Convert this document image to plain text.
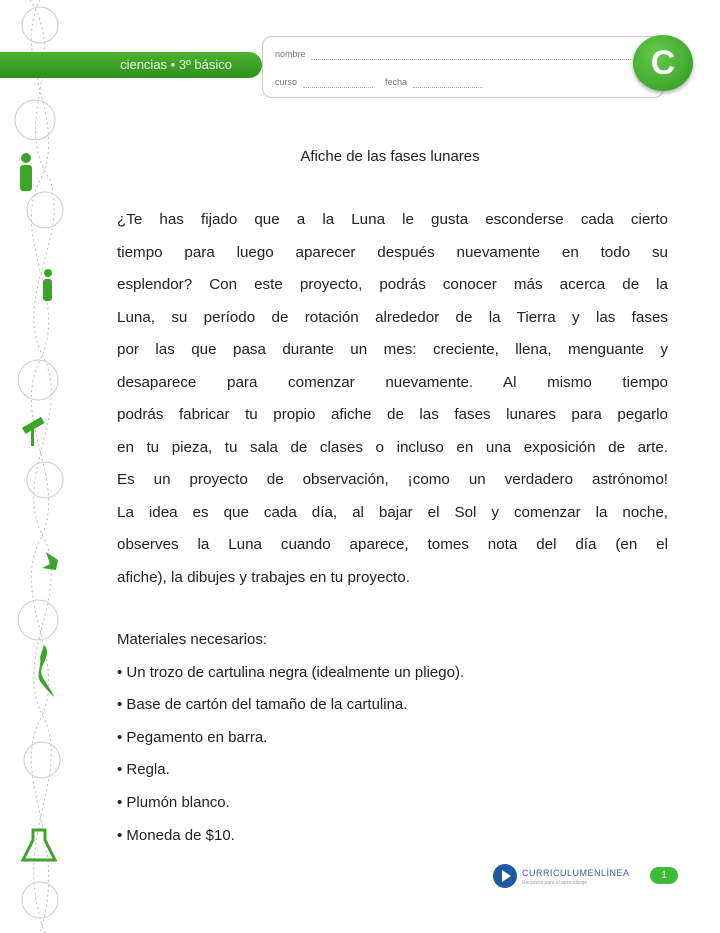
ciencias • 3º básico
nombre
curso	fecha	C
Afiche de las fases lunares
¿Te has fijado que a la Luna le gusta esconderse cada cierto
tiempo para luego aparecer después nuevamente en todo su
esplendor? Con este proyecto, podrás conocer más acerca de la
Luna, su período de rotación alrededor de la Tierra y las fases
por las que pasa durante un mes: creciente, llena, menguante y
desaparece para comenzar nuevamente. Al mismo tiempo
podrás fabricar tu propio afiche de las fases lunares para pegarlo
en tu pieza, tu sala de clases o incluso en una exposición de arte.
Es un proyecto de observación, ¡como un verdadero astrónomo!
La idea es que cada día, al bajar el Sol y comenzar la noche,
observes la Luna cuando aparece, tomes nota del día (en el
afiche), la dibujes y trabajes en tu proyecto.
Materiales necesarios:
• Un trozo de cartulina negra (idealmente un pliego).
• Base de cartón del tamaño de la cartulina.
• Pegamento en barra.
• Regla.
• Plumón blanco.
• Moneda de $10.
CURRICULUMENLÍNEA
Recursos para el aprendizaje
1
